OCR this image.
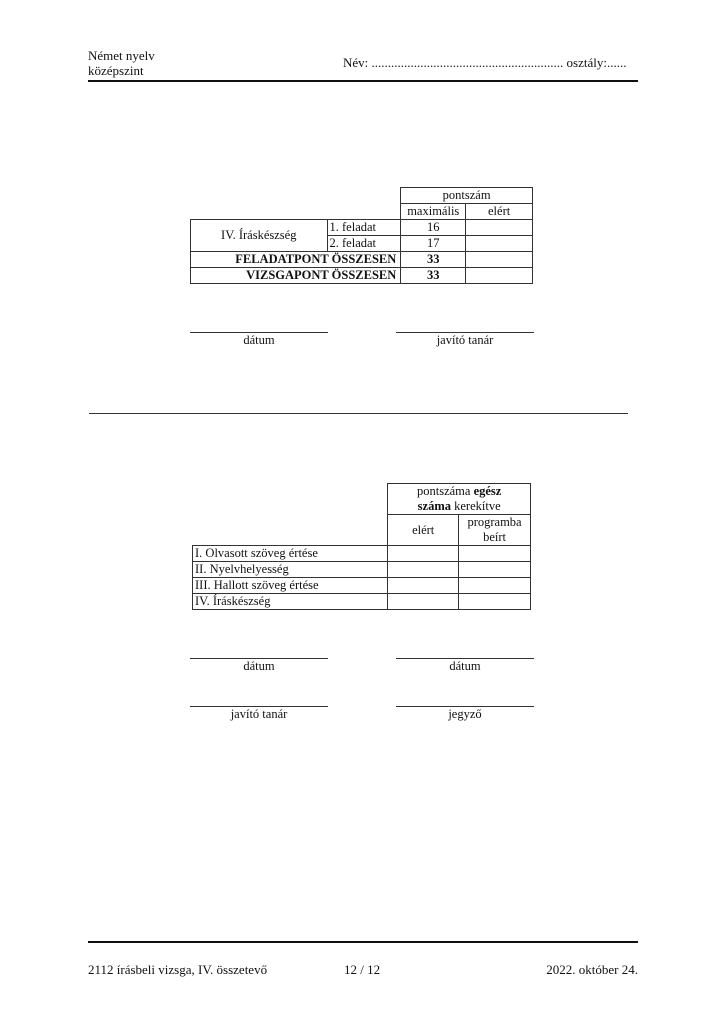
Német nyelv
középszint
Név: ........................................................... osztály:......
		pontszám	
		maximális	elért
IV. Íráskészség	1. feladat	16	
	2. feladat	17	
FELADATPONT ÖSSZESEN		33	
VIZSGAPONT ÖSSZESEN		33	
dátum	javító tanár
	pontszáma egész
száma kerekítve	
	elért	programba
beírt
I. Olvasott szöveg értése		
II. Nyelvhelyesség		
III. Hallott szöveg értése		
IV. Íráskészség		
dátum	dátum
javító tanár	jegyző
2112 írásbeli vizsga, IV. összetevő	12 / 12	2022. október 24.
